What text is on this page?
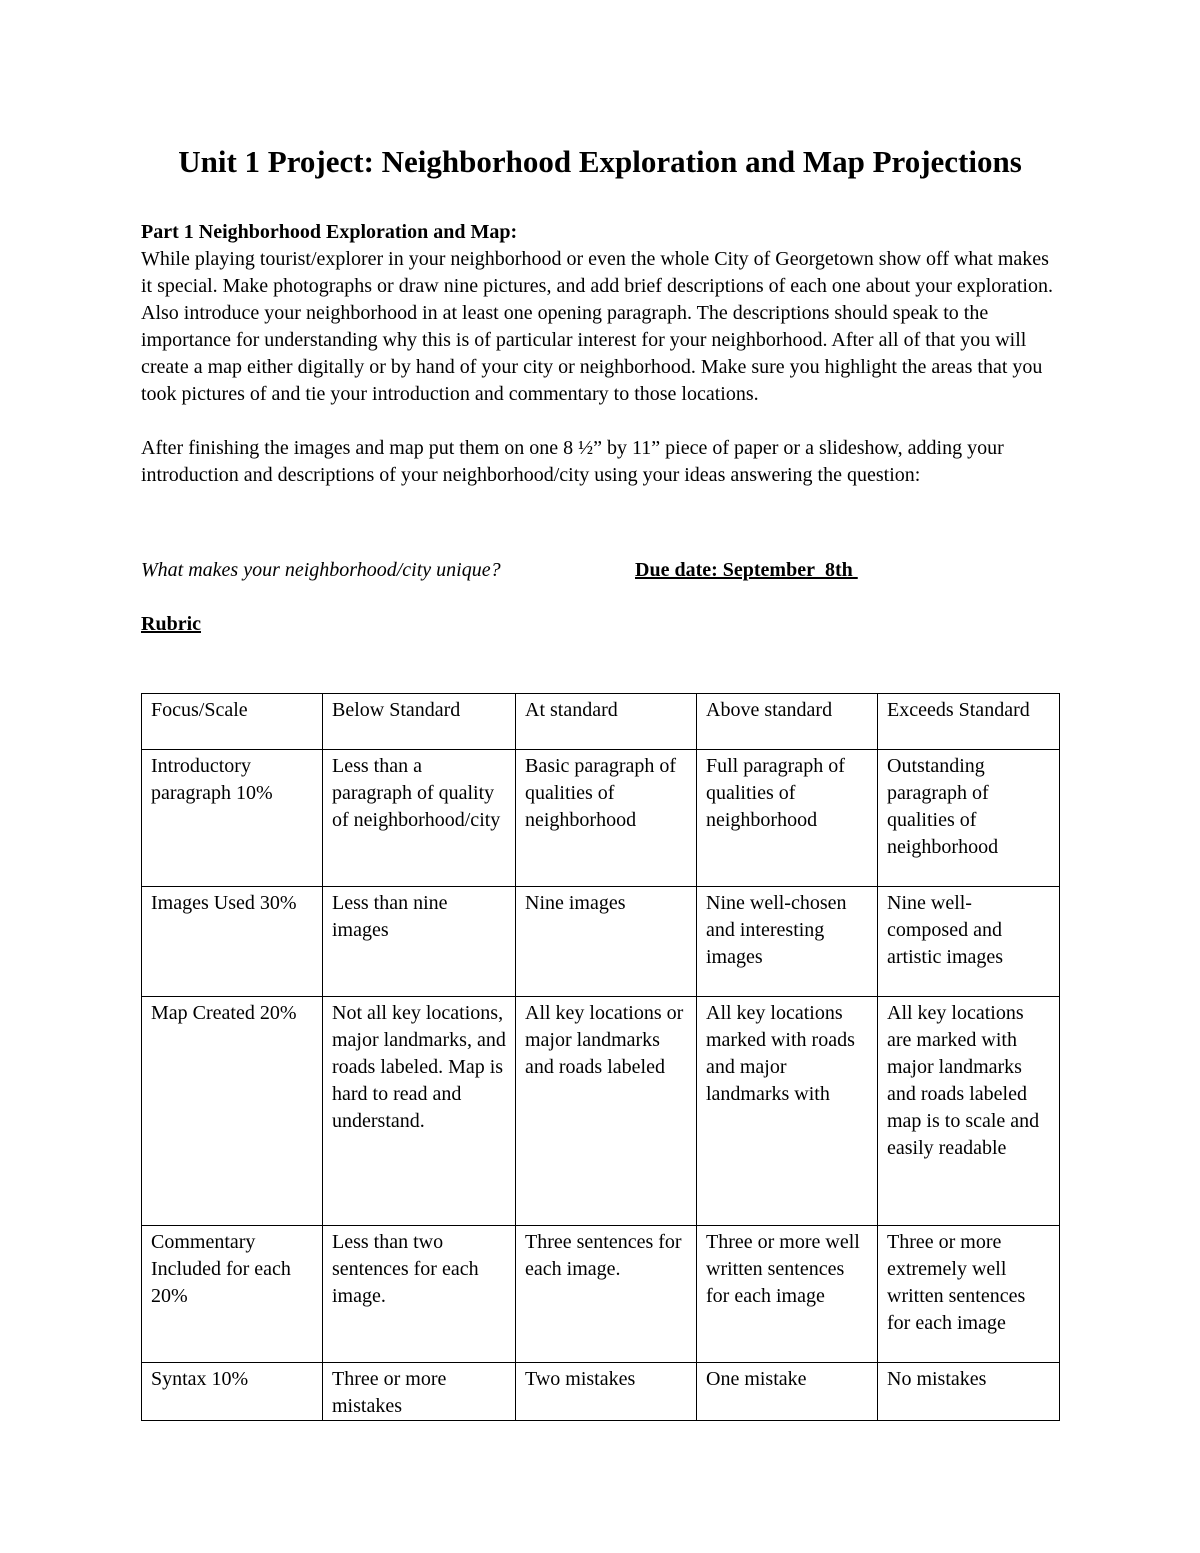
Unit 1 Project: Neighborhood Exploration and Map Projections

Part 1 Neighborhood Exploration and Map:

While playing tourist/explorer in your neighborhood or even the whole City of Georgetown show off what makes it special. Make photographs or draw nine pictures, and add brief descriptions of each one about your exploration. Also introduce your neighborhood in at least one opening paragraph. The descriptions should speak to the importance for understanding why this is of particular interest for your neighborhood. After all of that you will create a map either digitally or by hand of your city or neighborhood. Make sure you highlight the areas that you took pictures of and tie your introduction and commentary to those locations.

After finishing the images and map put them on one 8 ½” by 11” piece of paper or a slideshow, adding your introduction and descriptions of your neighborhood/city using your ideas answering the question:

What makes your neighborhood/city unique?	Due date: September_8th
Rubric
Focus/Scale	Below Standard	At standard	Above standard	Exceeds Standard
Introductory paragraph 10%	Less than a paragraph of quality of neighborhood/city	Basic paragraph of qualities of neighborhood	Full paragraph of qualities of neighborhood	Outstanding paragraph of qualities of neighborhood
Images Used 30%	Less than nine images	Nine images	Nine well-chosen and interesting images	Nine well-composed and artistic images
Map Created 20%	Not all key locations, major landmarks, and roads labeled. Map is hard to read and understand.	All key locations or major landmarks and roads labeled	All key locations marked with roads and major landmarks with	All key locations are marked with major landmarks and roads labeled map is to scale and easily readable
Commentary Included for each 20%	Less than two sentences for each image.	Three sentences for each image.	Three or more well written sentences for each image	Three or more extremely well written sentences for each image
Syntax 10%	Three or more mistakes	Two mistakes	One mistake	No mistakes
